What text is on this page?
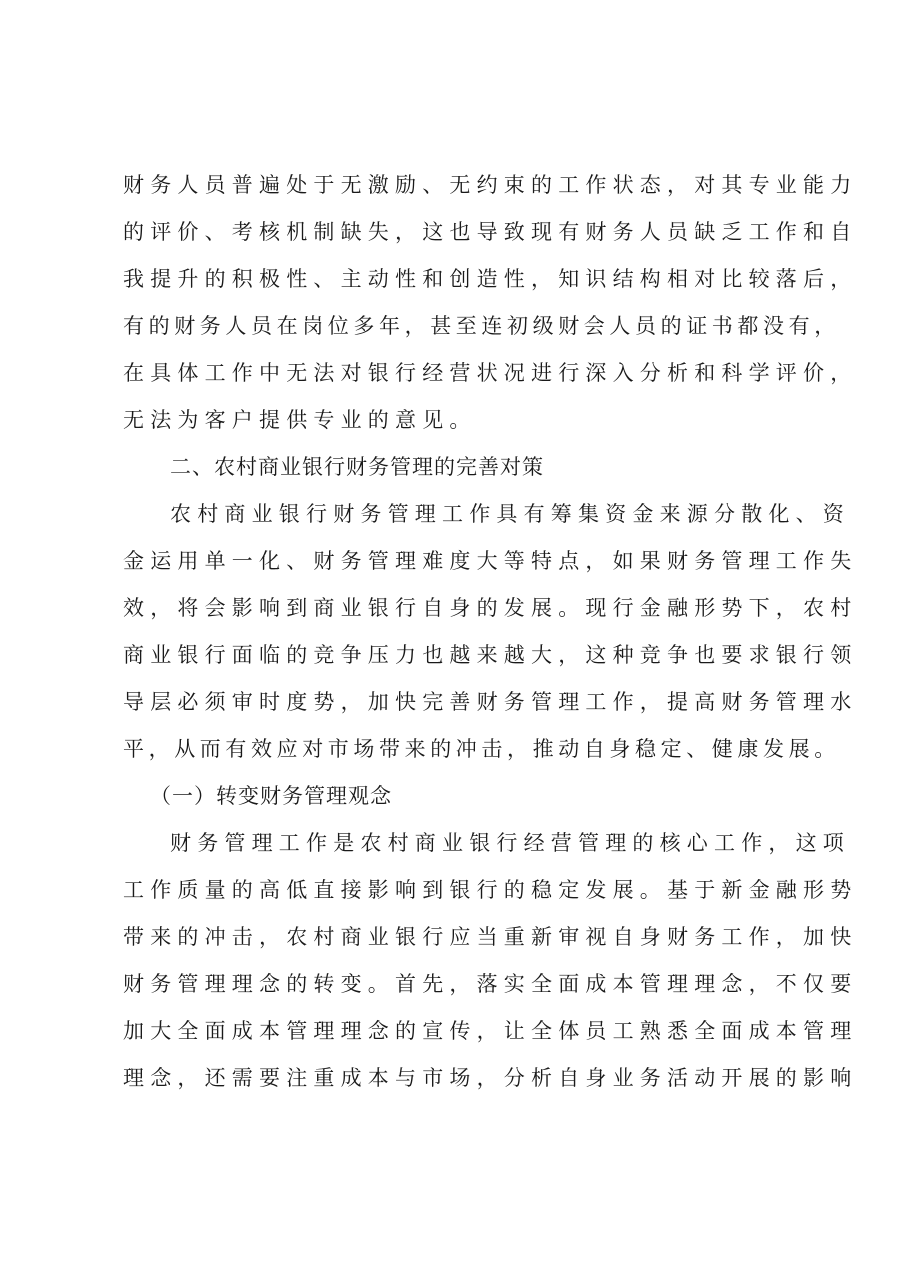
财务人员普遍处于无激励、无约束的工作状态，对其专业能力
的评价、考核机制缺失，这也导致现有财务人员缺乏工作和自
我提升的积极性、主动性和创造性，知识结构相对比较落后，
有的财务人员在岗位多年，甚至连初级财会人员的证书都没有，
在具体工作中无法对银行经营状况进行深入分析和科学评价，
无法为客户提供专业的意见。
二、农村商业银行财务管理的完善对策
农村商业银行财务管理工作具有筹集资金来源分散化、资
金运用单一化、财务管理难度大等特点，如果财务管理工作失
效，将会影响到商业银行自身的发展。现行金融形势下，农村
商业银行面临的竞争压力也越来越大，这种竞争也要求银行领
导层必须审时度势，加快完善财务管理工作，提高财务管理水
平，从而有效应对市场带来的冲击，推动自身稳定、健康发展。
（一）转变财务管理观念
财务管理工作是农村商业银行经营管理的核心工作，这项
工作质量的高低直接影响到银行的稳定发展。基于新金融形势
带来的冲击，农村商业银行应当重新审视自身财务工作，加快
财务管理理念的转变。首先，落实全面成本管理理念，不仅要
加大全面成本管理理念的宣传，让全体员工熟悉全面成本管理
理念，还需要注重成本与市场，分析自身业务活动开展的影响
